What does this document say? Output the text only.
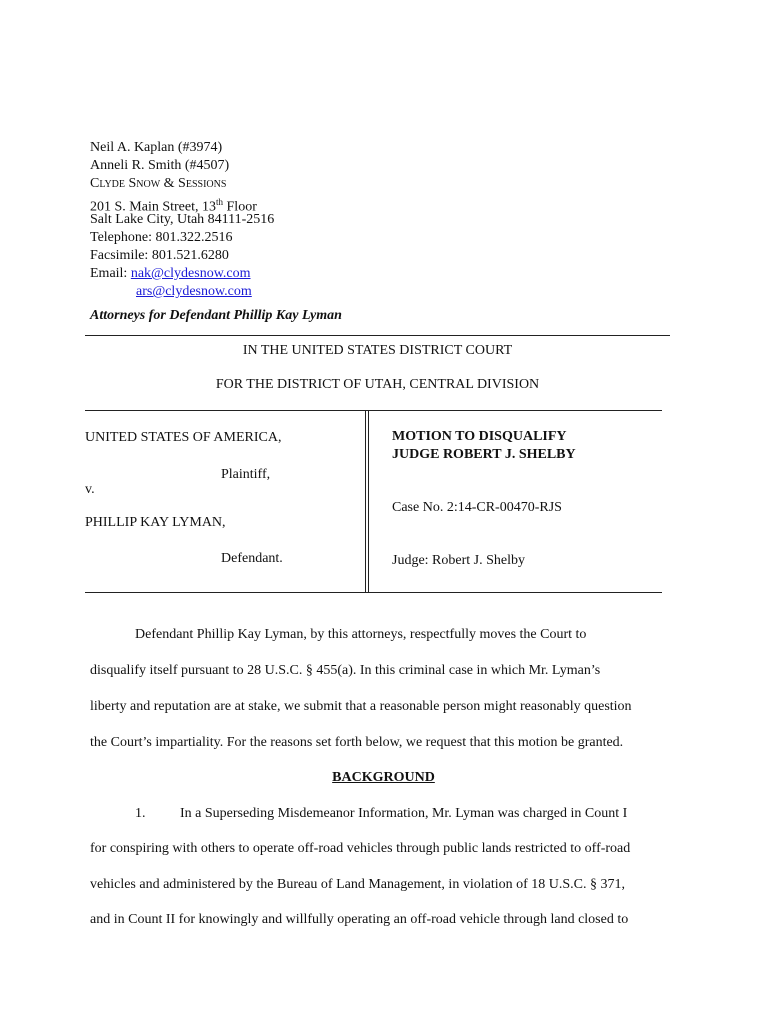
Neil A. Kaplan (#3974)
Anneli R. Smith (#4507)
Clyde Snow & Sessions
201 S. Main Street, 13th Floor
Salt Lake City, Utah 84111-2516
Telephone: 801.322.2516
Facsimile: 801.521.6280
Email: nak@clydesnow.com
ars@clydesnow.com
Attorneys for Defendant Phillip Kay Lyman
IN THE UNITED STATES DISTRICT COURT
FOR THE DISTRICT OF UTAH, CENTRAL DIVISION
UNITED STATES OF AMERICA,
Plaintiff,
v.
PHILLIP KAY LYMAN,
Defendant.
MOTION TO DISQUALIFY
JUDGE ROBERT J. SHELBY
Case No. 2:14-CR-00470-RJS
Judge: Robert J. Shelby
Defendant Phillip Kay Lyman, by this attorneys, respectfully moves the Court to
disqualify itself pursuant to 28 U.S.C. § 455(a). In this criminal case in which Mr. Lyman’s
liberty and reputation are at stake, we submit that a reasonable person might reasonably question
the Court’s impartiality. For the reasons set forth below, we request that this motion be granted.
BACKGROUND
1. In a Superseding Misdemeanor Information, Mr. Lyman was charged in Count I
for conspiring with others to operate off-road vehicles through public lands restricted to off-road
vehicles and administered by the Bureau of Land Management, in violation of 18 U.S.C. § 371,
and in Count II for knowingly and willfully operating an off-road vehicle through land closed to
